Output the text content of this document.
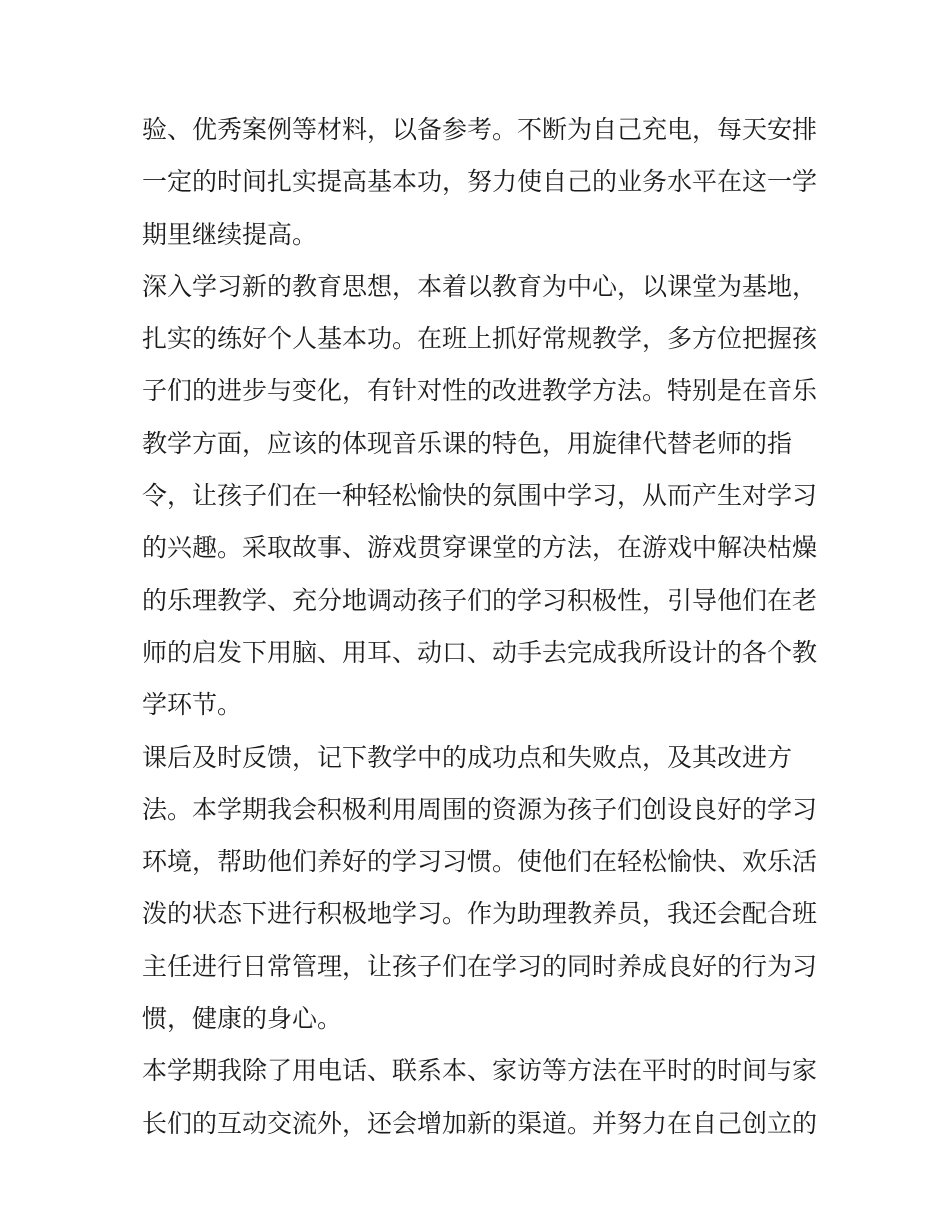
验、优秀案例等材料，以备参考。不断为自己充电，每天安排
一定的时间扎实提高基本功，努力使自己的业务水平在这一学
期里继续提高。
深入学习新的教育思想，本着以教育为中心，以课堂为基地，
扎实的练好个人基本功。在班上抓好常规教学，多方位把握孩
子们的进步与变化，有针对性的改进教学方法。特别是在音乐
教学方面，应该的体现音乐课的特色，用旋律代替老师的指
令，让孩子们在一种轻松愉快的氛围中学习，从而产生对学习
的兴趣。采取故事、游戏贯穿课堂的方法，在游戏中解决枯燥
的乐理教学、充分地调动孩子们的学习积极性，引导他们在老
师的启发下用脑、用耳、动口、动手去完成我所设计的各个教
学环节。
课后及时反馈，记下教学中的成功点和失败点，及其改进方
法。本学期我会积极利用周围的资源为孩子们创设良好的学习
环境，帮助他们养好的学习习惯。使他们在轻松愉快、欢乐活
泼的状态下进行积极地学习。作为助理教养员，我还会配合班
主任进行日常管理，让孩子们在学习的同时养成良好的行为习
惯，健康的身心。
本学期我除了用电话、联系本、家访等方法在平时的时间与家
长们的互动交流外，还会增加新的渠道。并努力在自己创立的
